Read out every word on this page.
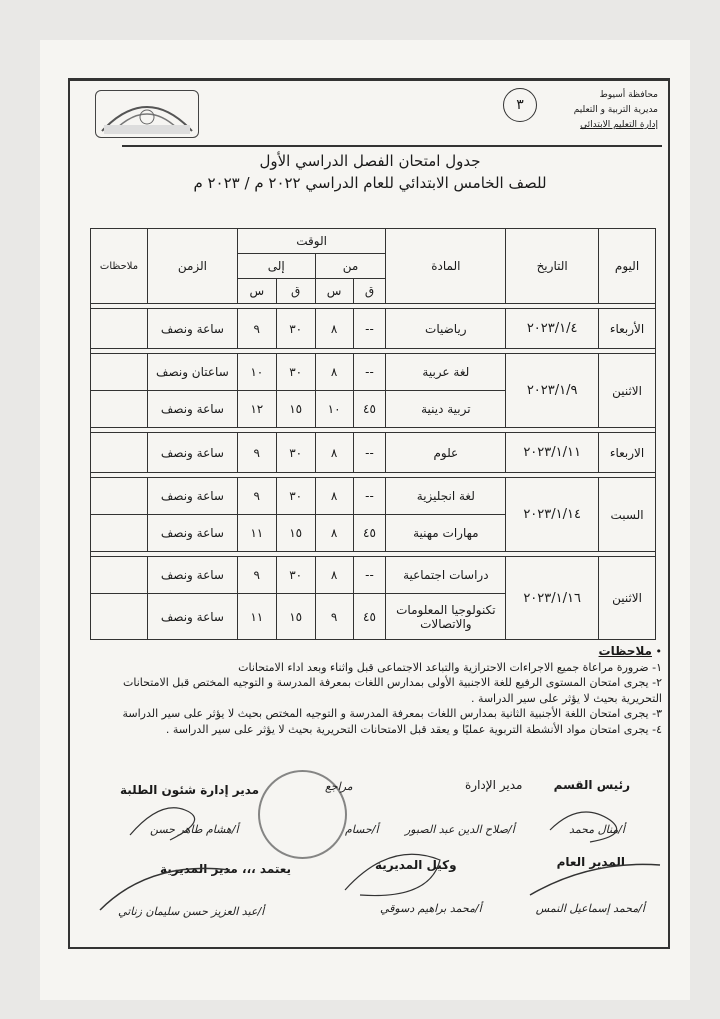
محافظة أسيوط
مديرية التربية و التعليم
إدارة التعليم الابتدائي
٣
جدول امتحان الفصل الدراسي الأول
للصف الخامس الابتدائي للعام الدراسي ٢٠٢٢ م / ٢٠٢٣ م
اليوم	التاريخ	المادة	الوقت				الزمن	ملاحظات
			من		إلى			
			ق	س	ق	س		

الأربعاء	٢٠٢٣/١/٤	رياضيات	--	٨	٣٠	٩	ساعة ونصف	

الاثنين	٢٠٢٣/١/٩	لغة عربية	--	٨	٣٠	١٠	ساعتان ونصف	
		تربية دينية	٤٥	١٠	١٥	١٢	ساعة ونصف	

الاربعاء	٢٠٢٣/١/١١	علوم	--	٨	٣٠	٩	ساعة ونصف	

السبت	٢٠٢٣/١/١٤	لغة انجليزية	--	٨	٣٠	٩	ساعة ونصف	
		مهارات مهنية	٤٥	٨	١٥	١١	ساعة ونصف	

الاثنين	٢٠٢٣/١/١٦	دراسات اجتماعية	--	٨	٣٠	٩	ساعة ونصف	
		تكنولوجيا المعلومات والاتصالات	٤٥	٩	١٥	١١	ساعة ونصف	
• ملاحظات
١- ضرورة مراعاة جميع الاجراءات الاحترازية والتباعد الاجتماعى قبل واثناء وبعد اداء الامتحانات
٢- يجرى امتحان المستوى الرفيع للغة الاجنبية الأولى بمدارس اللغات بمعرفة المدرسة و التوجيه المختص قبل الامتحانات التحريرية بحيث لا يؤثر على سير الدراسة .
٣- يجرى امتحان اللغة الأجنبية الثانية بمدارس اللغات بمعرفة المدرسة و التوجيه المختص بحيث لا يؤثر على سير الدراسة
٤- يجرى امتحان مواد الأنشطة التربوية عمليًا و يعقد قبل الامتحانات التحريرية بحيث لا يؤثر على سير الدراسة .
رئيس القسم
أ/منال محمد
مدير الإدارة
أ/صلاح الدين عبد الصبور
مراجع
أ/حسام
مدير إدارة شئون الطلبة
أ/هشام طاهر حسن
المدير العام
أ/محمد إسماعيل النمس
وكيل المديرية
أ/محمد براهيم دسوقي
يعتمد ،،، مدير المديرية
أ/عبد العزيز حسن سليمان زناتي
